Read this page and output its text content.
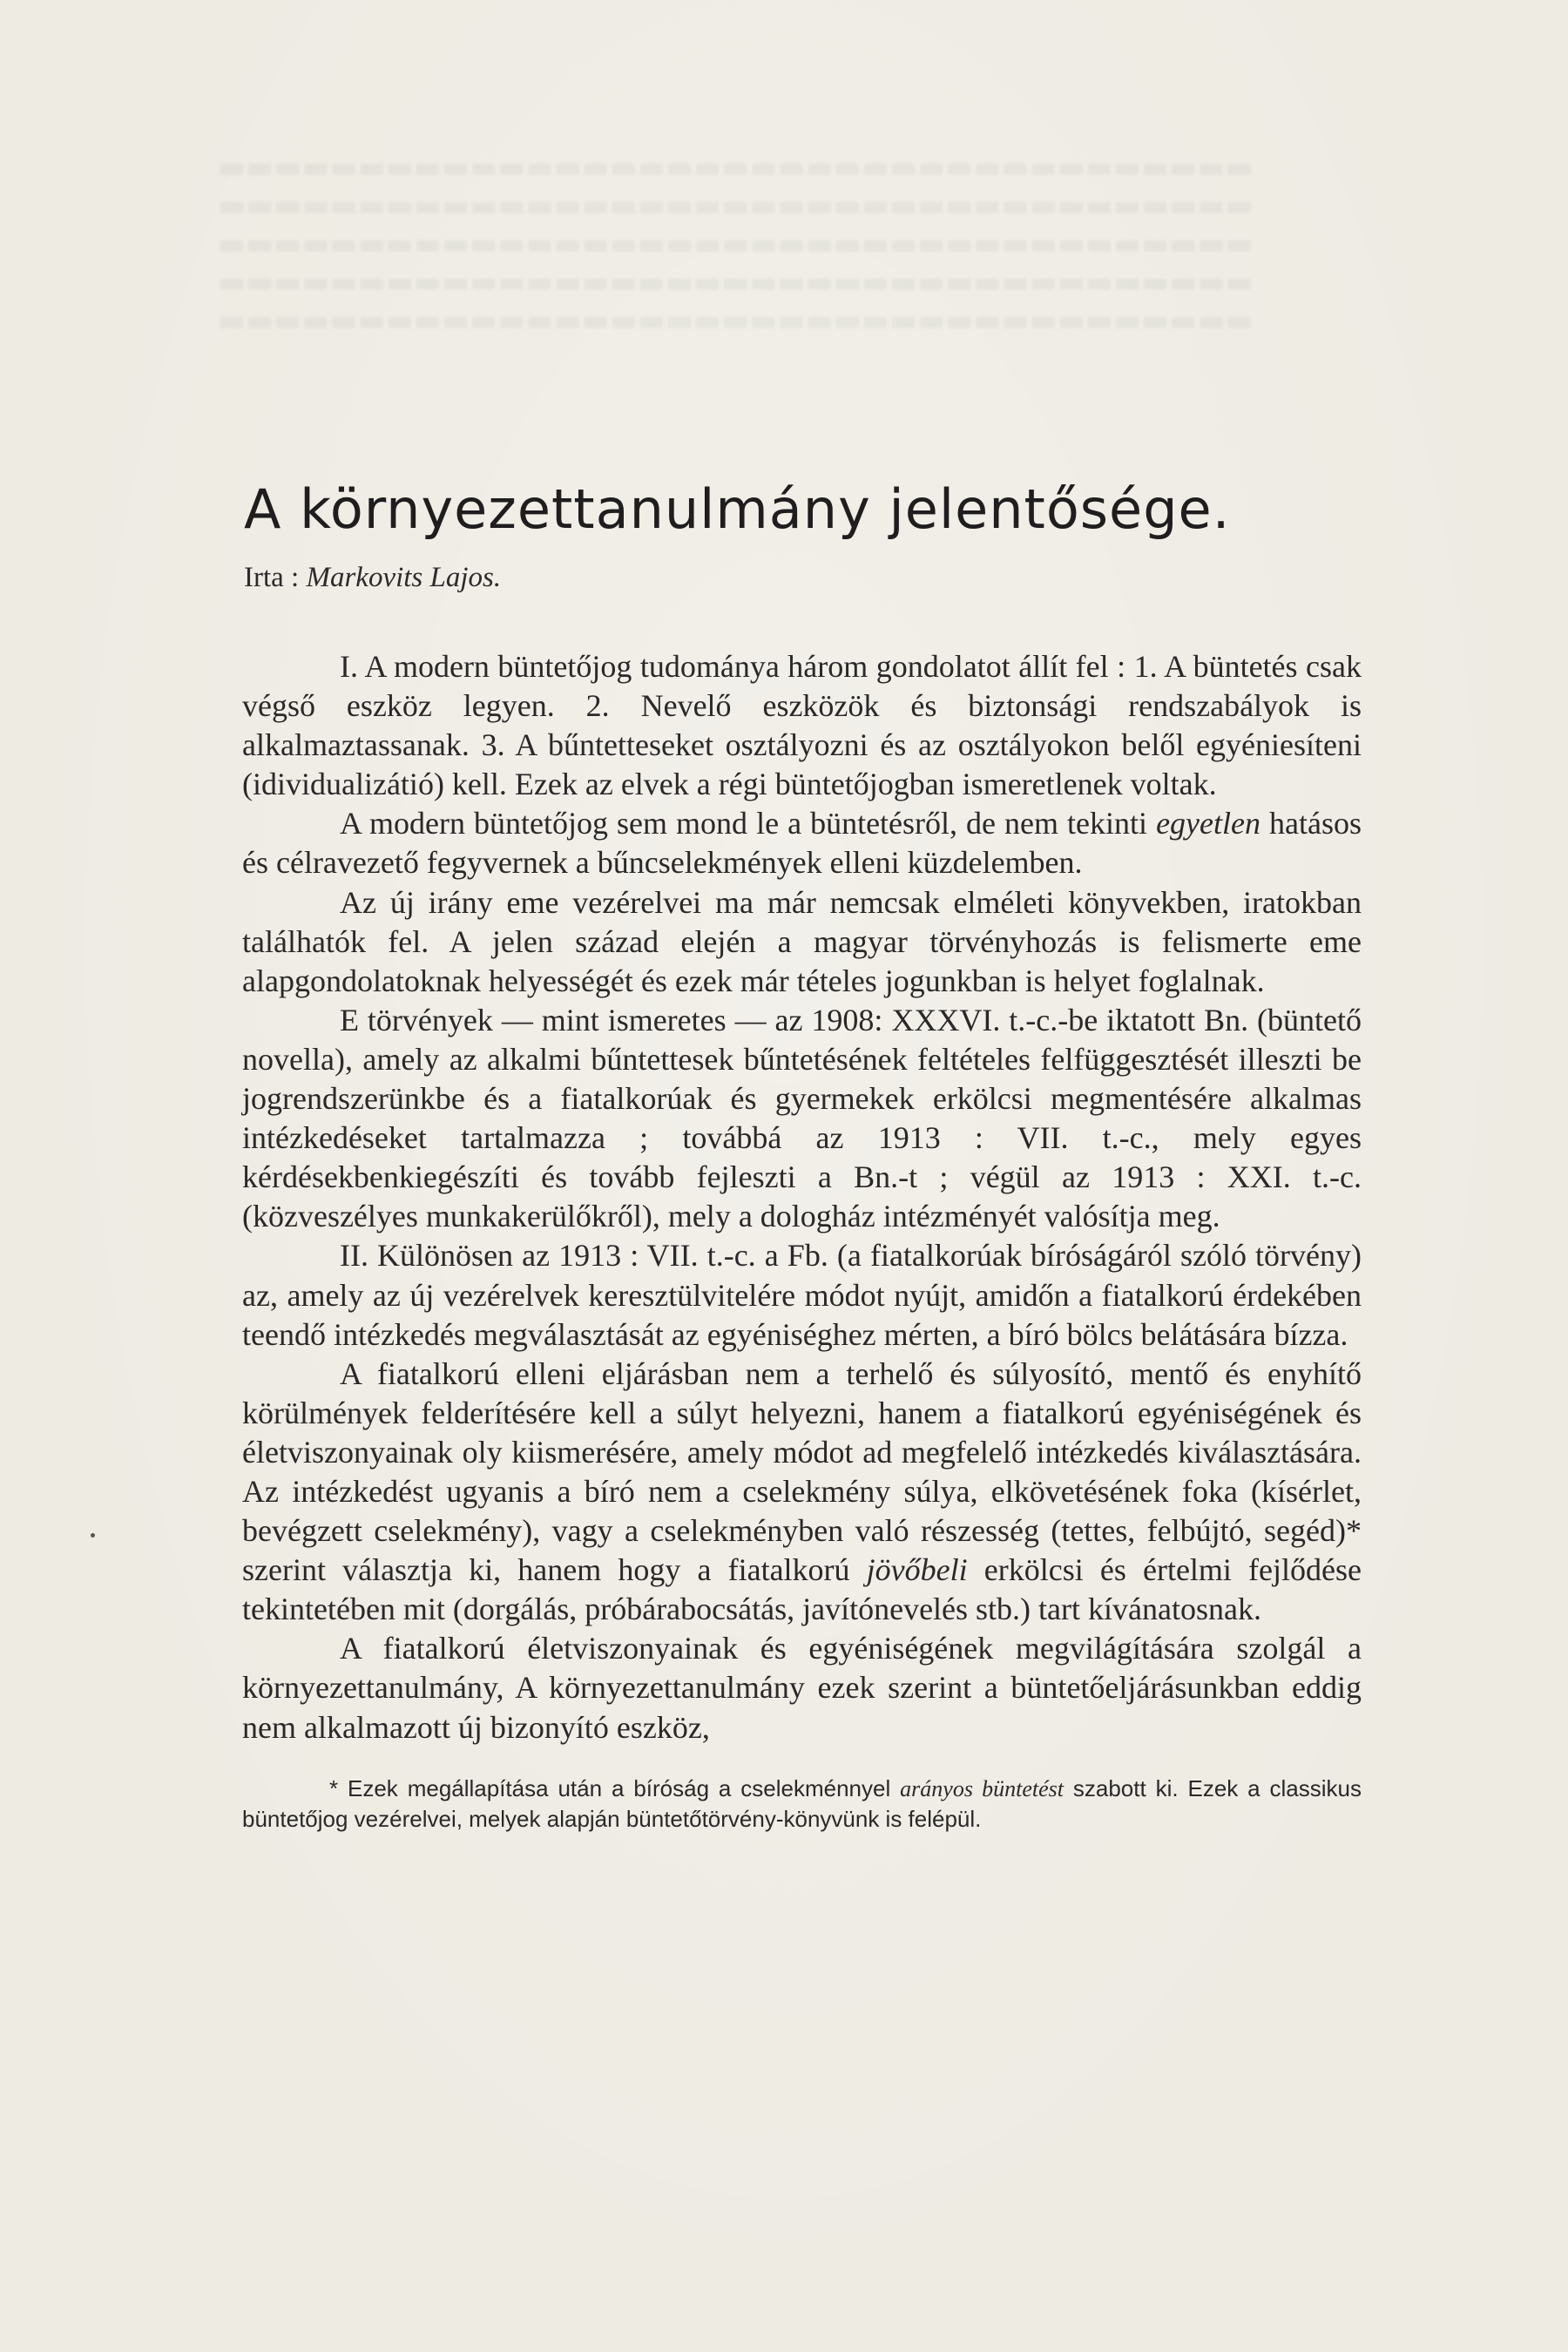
▬▬▬▬▬▬▬▬▬▬▬▬▬▬▬▬▬▬▬▬▬▬▬▬▬▬▬▬▬▬▬▬▬▬▬▬▬
▬▬▬▬▬▬▬▬▬▬▬▬▬▬▬▬▬▬▬▬▬▬▬▬▬▬▬▬▬▬▬▬▬▬▬▬▬
▬▬▬▬▬▬▬▬▬▬▬▬▬▬▬▬▬▬▬▬▬▬▬▬▬▬▬▬▬▬▬▬▬▬▬▬▬
▬▬▬▬▬▬▬▬▬▬▬▬▬▬▬▬▬▬▬▬▬▬▬▬▬▬▬▬▬▬▬▬▬▬▬▬▬
▬▬▬▬▬▬▬▬▬▬▬▬▬▬▬▬▬▬▬▬▬▬▬▬▬▬▬▬▬▬▬▬▬▬▬▬▬
A környezettanulmány jelentősége.
Irta : Markovits Lajos.

I. A modern büntetőjog tudománya három gondolatot állít fel : 1. A büntetés csak végső eszköz legyen. 2. Nevelő eszközök és biztonsági rendszabályok is alkalmaztassanak. 3. A bűntetteseket osztályozni és az osztályokon belől egyéniesíteni (idividualizátió) kell. Ezek az elvek a régi büntetőjogban ismeretlenek voltak.

A modern büntetőjog sem mond le a büntetésről, de nem tekinti egyetlen hatásos és célravezető fegyvernek a bűncselekmények elleni küzdelemben.

Az új irány eme vezérelvei ma már nemcsak elméleti könyvekben, iratokban találhatók fel. A jelen század elején a magyar törvényhozás is felismerte eme alapgondolatoknak helyességét és ezek már tételes jogunkban is helyet foglalnak.

E törvények — mint ismeretes — az 1908: XXXVI. t.-c.-be iktatott Bn. (büntető novella), amely az alkalmi bűntettesek bűntetésének feltételes felfüggesztését illeszti be jogrendszerünkbe és a fiatalkorúak és gyermekek erkölcsi megmentésére alkalmas intézkedéseket tartalmazza ; továbbá az 1913 : VII. t.-c., mely egyes kérdésekbenkiegészíti és tovább fejleszti a Bn.-t ; végül az 1913 : XXI. t.-c. (közveszélyes munkakerülőkről), mely a dologház intézményét valósítja meg.

II. Különösen az 1913 : VII. t.-c. a Fb. (a fiatalkorúak bíróságáról szóló törvény) az, amely az új vezérelvek keresztülvitelére módot nyújt, amidőn a fiatalkorú érdekében teendő intézkedés megválasztását az egyéniséghez mérten, a bíró bölcs belátására bízza.

A fiatalkorú elleni eljárásban nem a terhelő és súlyosító, mentő és enyhítő körülmények felderítésére kell a súlyt helyezni, hanem a fiatalkorú egyéniségének és életviszonyainak oly kiismerésére, amely módot ad megfelelő intézkedés kiválasztására. Az intézkedést ugyanis a bíró nem a cselekmény súlya, elkövetésének foka (kísérlet, bevégzett cselekmény), vagy a cselekményben való részesség (tettes, felbújtó, segéd)* szerint választja ki, hanem hogy a fiatalkorú jövőbeli erkölcsi és értelmi fejlődése tekintetében mit (dorgálás, próbárabocsátás, javítónevelés stb.) tart kívánatosnak.

A fiatalkorú életviszonyainak és egyéniségének megvilágítására szolgál a környezettanulmány, A környezettanulmány ezek szerint a büntetőeljárásunkban eddig nem alkalmazott új bizonyító eszköz,

* Ezek megállapítása után a bíróság a cselekménnyel arányos büntetést szabott ki. Ezek a classikus büntetőjog vezérelvei, melyek alapján büntetőtörvény-könyvünk is felépül.
